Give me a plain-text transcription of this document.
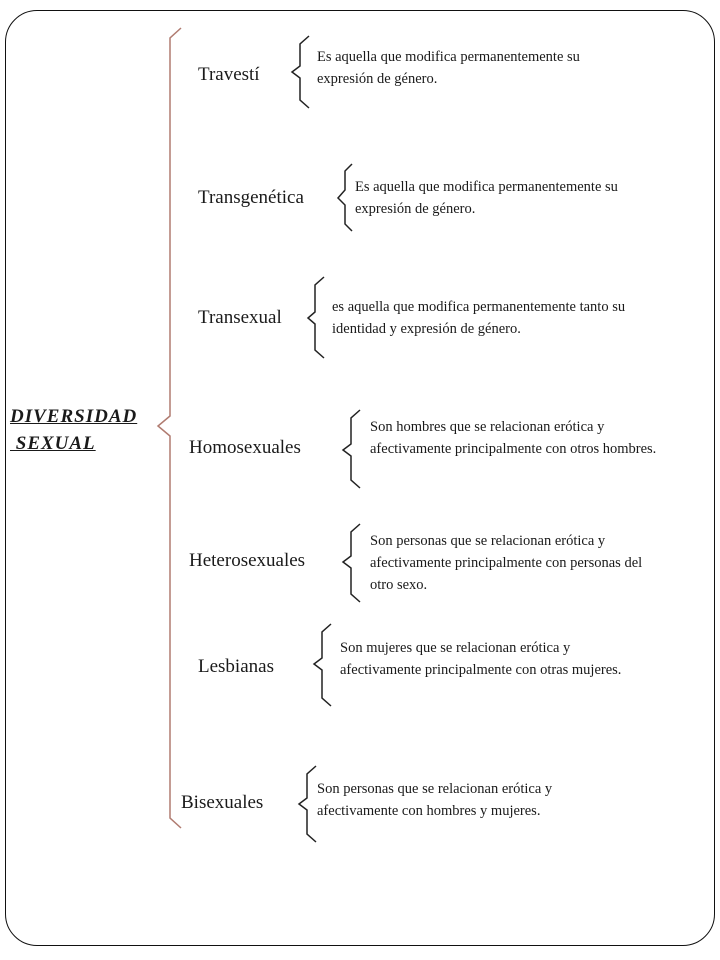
DIVERSIDAD
SEXUAL
Travestí
Es aquella que modifica permanentemente su
expresión de género.
Transgenética	Es aquella que modifica permanentemente su
expresión de género.
Transexual	es aquella que modifica permanentemente tanto su
identidad y expresión de género.
Homosexuales
Son hombres que se relacionan erótica y
afectivamente principalmente con otros hombres.
Heterosexuales
Son personas que se relacionan erótica y
afectivamente principalmente con personas del
otro sexo.
Lesbianas
Son mujeres que se relacionan erótica y
afectivamente principalmente con otras mujeres.
Bisexuales
Son personas que se relacionan erótica y
afectivamente con hombres y mujeres.
